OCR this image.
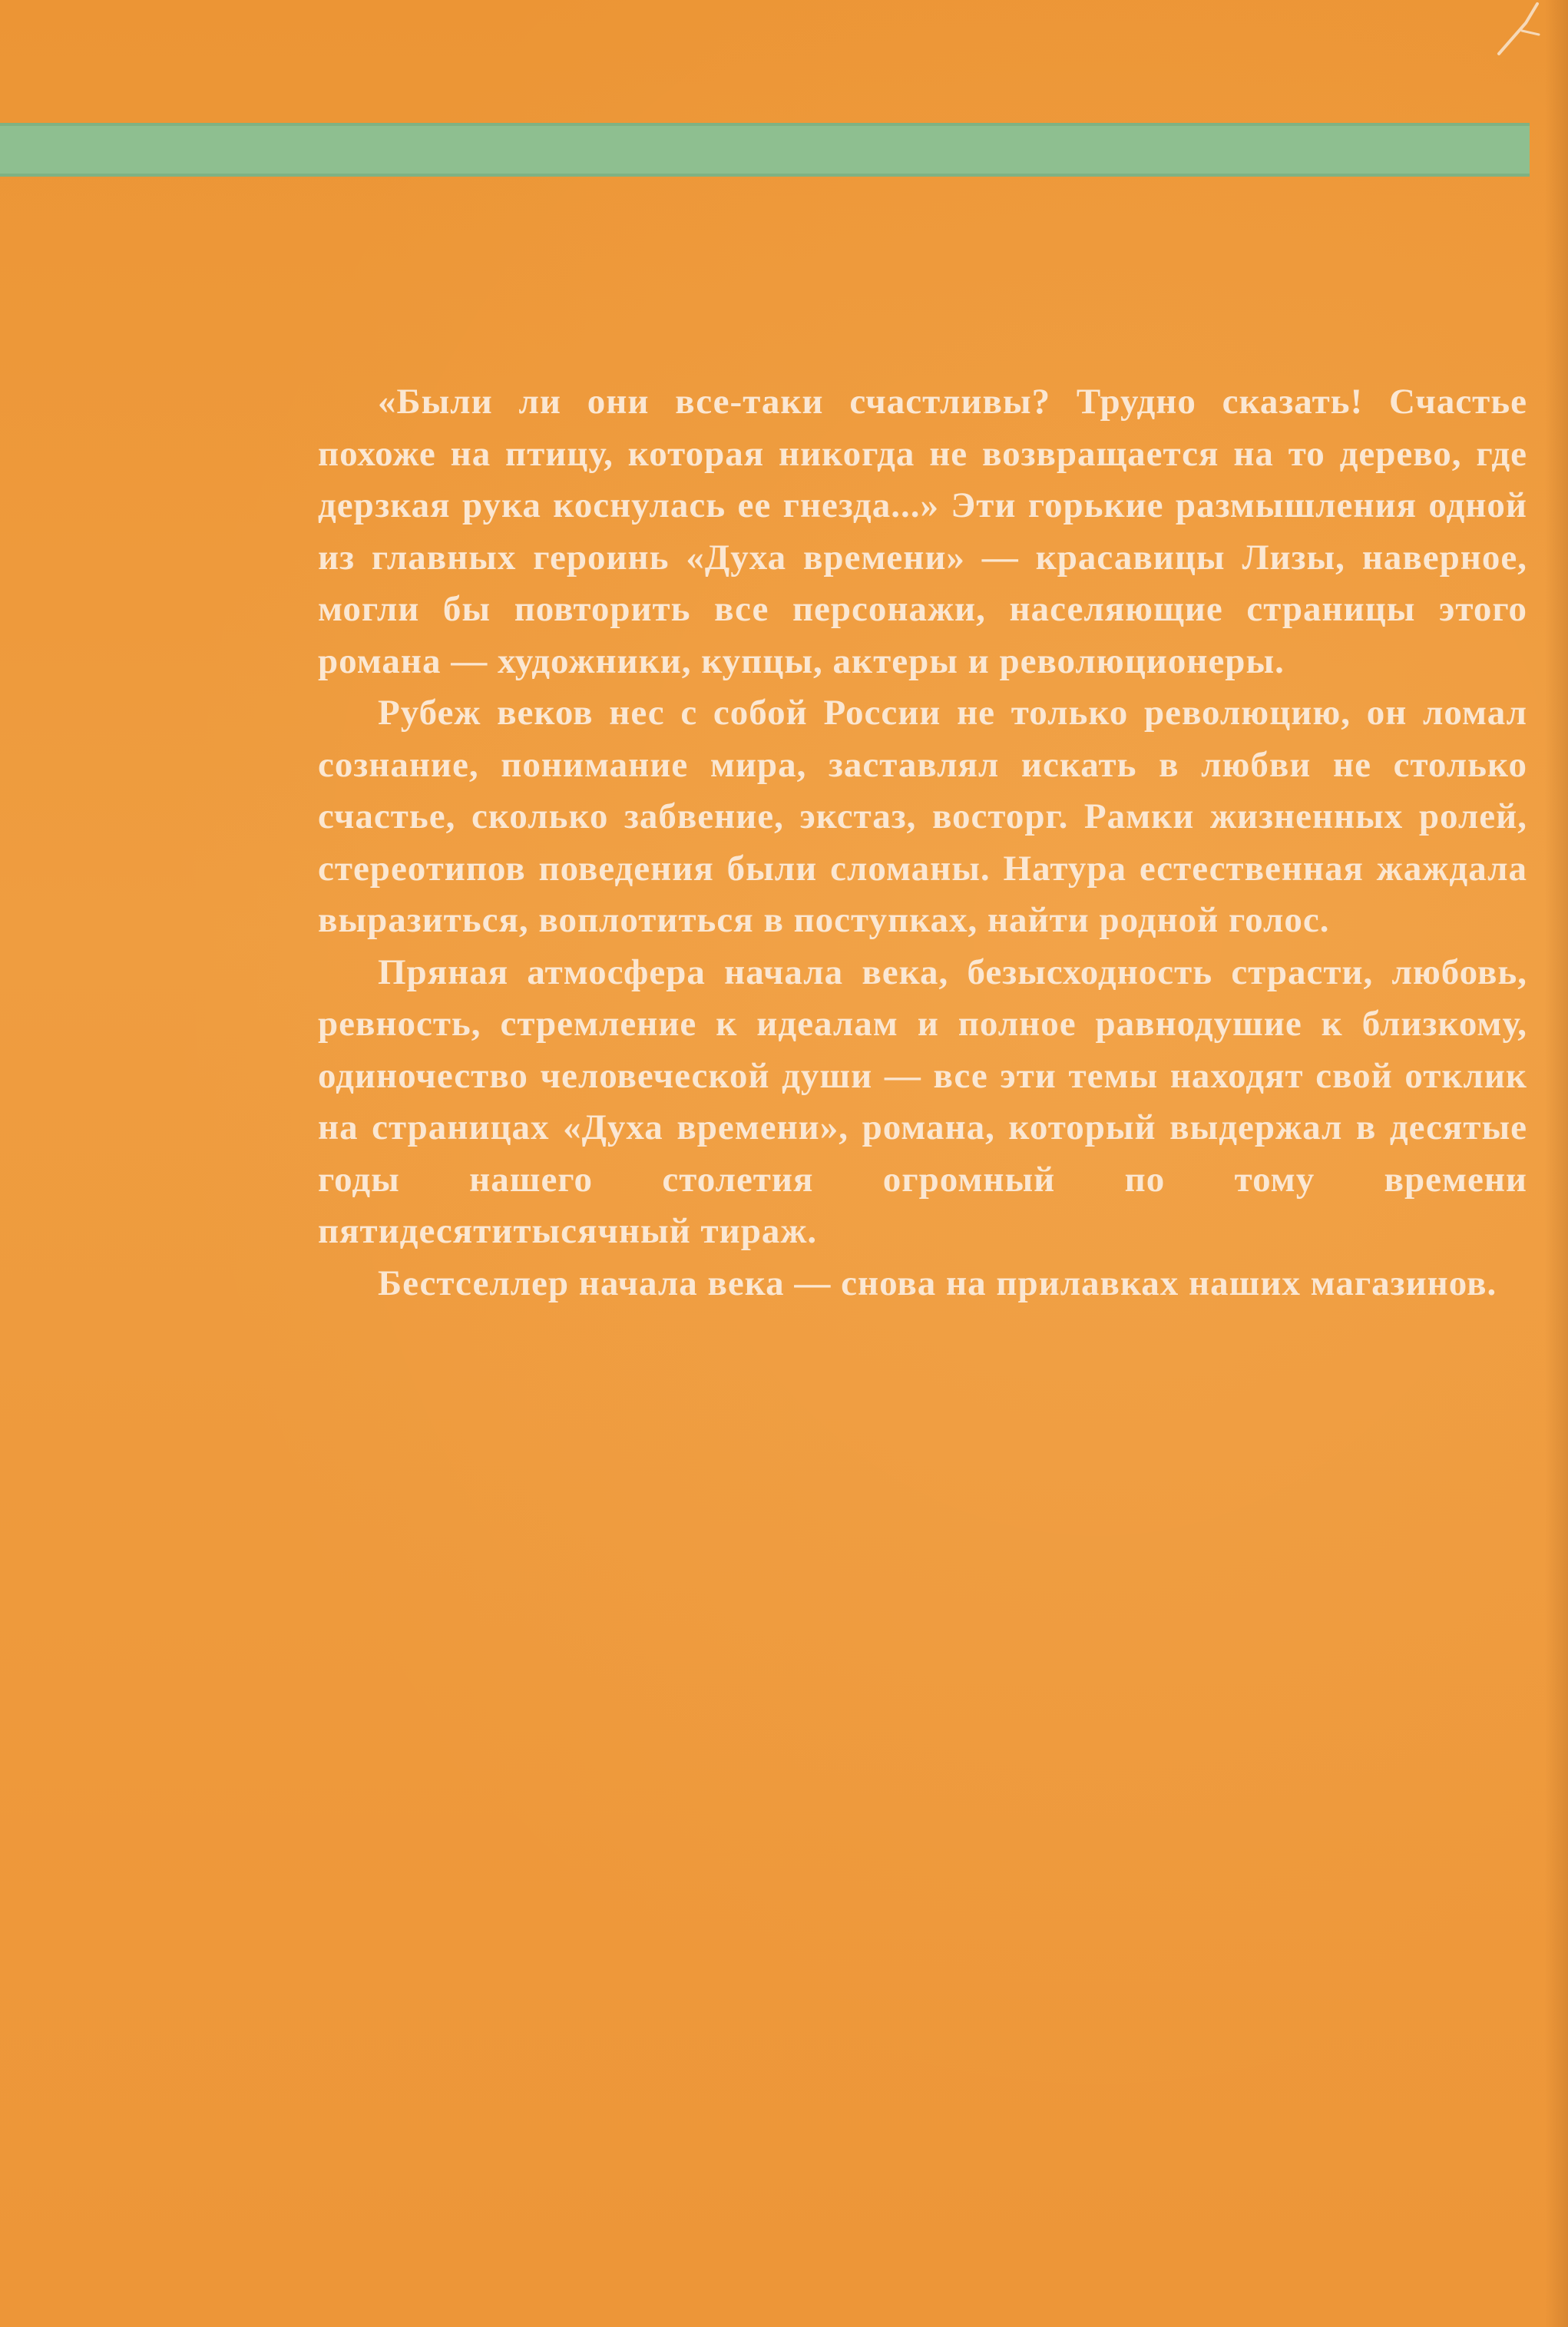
«Были ли они все-таки счастливы? Трудно сказать! Счастье похоже на птицу, которая никогда не возвращается на то дерево, где дерзкая рука коснулась ее гнезда...» Эти горькие размышления одной из главных героинь «Духа времени» — красавицы Лизы, наверное, могли бы повторить все персонажи, населяющие страницы этого романа — художники, купцы, актеры и революционеры.

Рубеж веков нес с собой России не только революцию, он ломал сознание, понимание мира, заставлял искать в любви не столько счастье, сколько забвение, экстаз, восторг. Рамки жизненных ролей, стереотипов поведения были сломаны. Натура естественная жаждала выразиться, воплотиться в поступках, найти родной голос.

Пряная атмосфера начала века, безысходность страсти, любовь, ревность, стремление к идеалам и полное равнодушие к близкому, одиночество человеческой души — все эти темы находят свой отклик на страницах «Духа времени», романа, который выдержал в десятые годы нашего столетия огромный по тому времени пятидесятитысячный тираж.

Бестселлер начала века — снова на прилавках наших магазинов.
